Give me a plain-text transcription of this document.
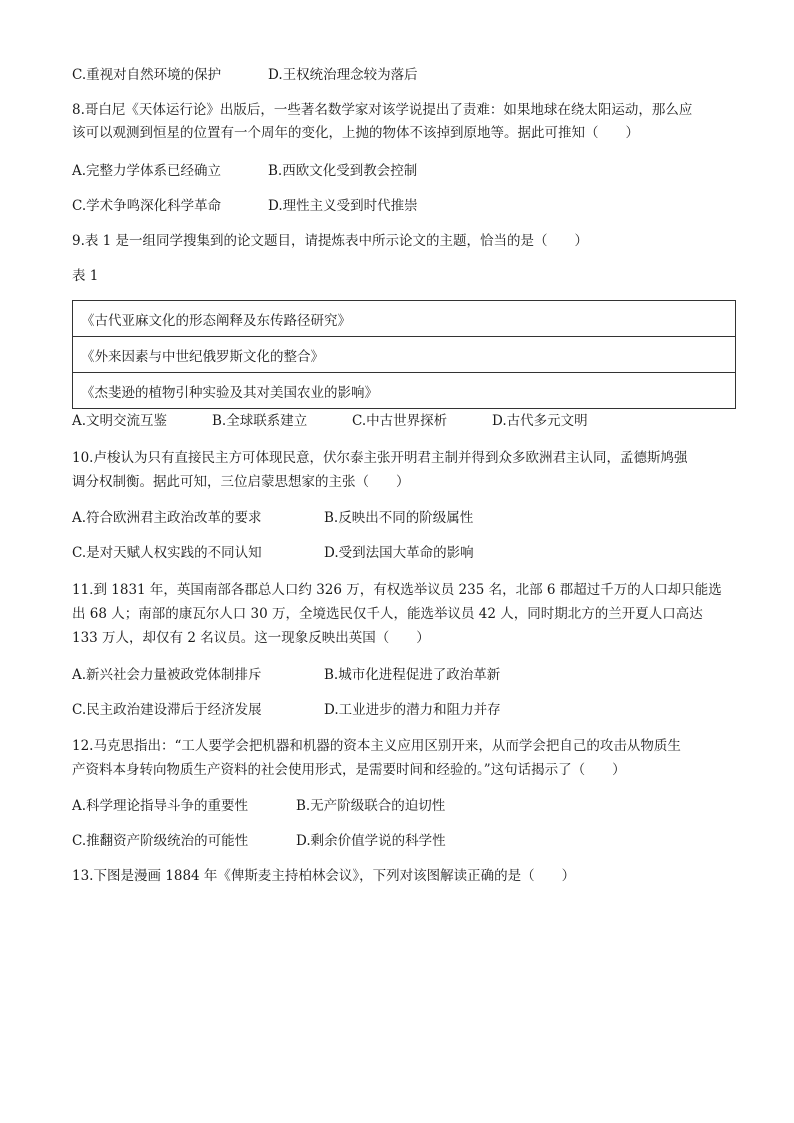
C.重视对自然环境的保护	D.王权统治理念较为落后
8.哥白尼《天体运行论》出版后，一些著名数学家对该学说提出了责难：如果地球在绕太阳运动，那么应
该可以观测到恒星的位置有一个周年的变化，上抛的物体不该掉到原地等。据此可推知（　　）
A.完整力学体系已经确立	B.西欧文化受到教会控制
C.学术争鸣深化科学革命	D.理性主义受到时代推崇
9.表 1 是一组同学搜集到的论文题目，请提炼表中所示论文的主题，恰当的是（　　）
表 1
《古代亚麻文化的形态阐释及东传路径研究》
《外来因素与中世纪俄罗斯文化的整合》
《杰斐逊的植物引种实验及其对美国农业的影响》
A.文明交流互鉴	B.全球联系建立	C.中古世界探析	D.古代多元文明
10.卢梭认为只有直接民主方可体现民意，伏尔泰主张开明君主制并得到众多欧洲君主认同，孟德斯鸠强
调分权制衡。据此可知，三位启蒙思想家的主张（　　）
A.符合欧洲君主政治改革的要求	B.反映出不同的阶级属性
C.是对天赋人权实践的不同认知	D.受到法国大革命的影响
11.到 1831 年，英国南部各郡总人口约 326 万，有权选举议员 235 名，北部 6 郡超过千万的人口却只能选
出 68 人；南部的康瓦尔人口 30 万，全境选民仅千人，能选举议员 42 人，同时期北方的兰开夏人口高达
133 万人，却仅有 2 名议员。这一现象反映出英国（　　）
A.新兴社会力量被政党体制排斥	B.城市化进程促进了政治革新
C.民主政治建设滞后于经济发展	D.工业进步的潜力和阻力并存
12.马克思指出：“工人要学会把机器和机器的资本主义应用区别开来，从而学会把自己的攻击从物质生
产资料本身转向物质生产资料的社会使用形式，是需要时间和经验的。”这句话揭示了（　　）
A.科学理论指导斗争的重要性	B.无产阶级联合的迫切性
C.推翻资产阶级统治的可能性	D.剩余价值学说的科学性
13.下图是漫画 1884 年《俾斯麦主持柏林会议》，下列对该图解读正确的是（　　）
